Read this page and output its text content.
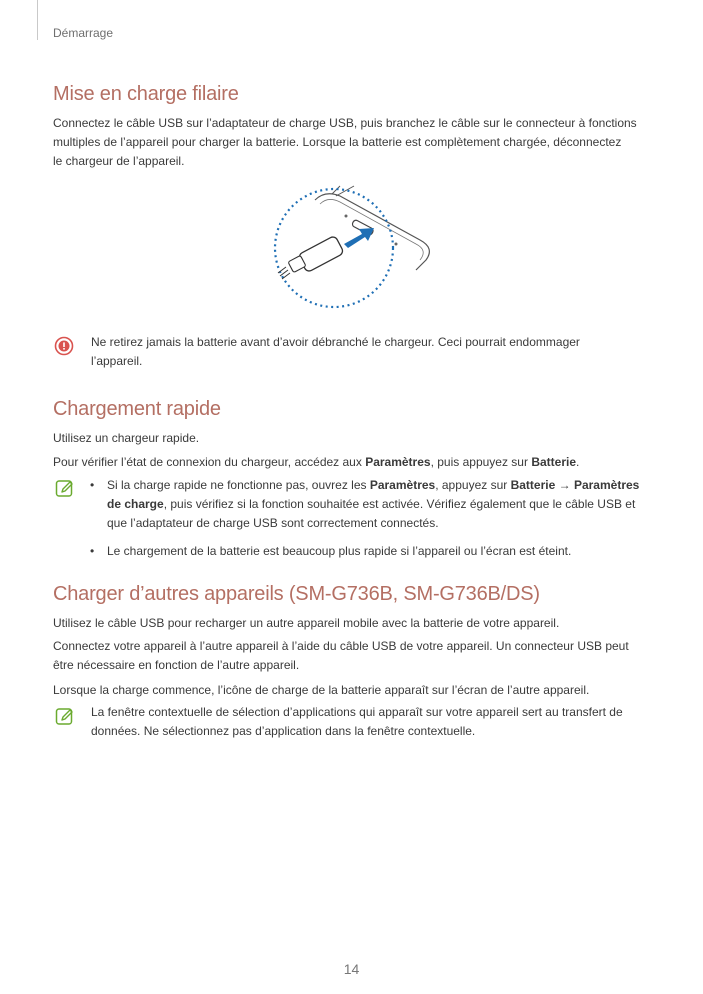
Démarrage
Mise en charge filaire

Connectez le câble USB sur l’adaptateur de charge USB, puis branchez le câble sur le connecteur à fonctions

multiples de l’appareil pour charger la batterie. Lorsque la batterie est complètement chargée, déconnectez

le chargeur de l’appareil.

Ne retirez jamais la batterie avant d’avoir débranché le chargeur. Ceci pourrait endommager

l’appareil.

Chargement rapide

Utilisez un chargeur rapide.

Pour vérifier l’état de connexion du chargeur, accédez aux Paramètres, puis appuyez sur Batterie.

• Si la charge rapide ne fonctionne pas, ouvrez les Paramètres, appuyez sur Batterie → Paramètres
de charge, puis vérifiez si la fonction souhaitée est activée. Vérifiez également que le câble USB et
que l’adaptateur de charge USB sont correctement connectés.

• Le chargement de la batterie est beaucoup plus rapide si l’appareil ou l’écran est éteint.

Charger d’autres appareils (SM-G736B, SM-G736B/DS)

Utilisez le câble USB pour recharger un autre appareil mobile avec la batterie de votre appareil.

Connectez votre appareil à l’autre appareil à l’aide du câble USB de votre appareil. Un connecteur USB peut

être nécessaire en fonction de l’autre appareil.

Lorsque la charge commence, l’icône de charge de la batterie apparaît sur l’écran de l’autre appareil.

La fenêtre contextuelle de sélection d’applications qui apparaît sur votre appareil sert au transfert de

données. Ne sélectionnez pas d’application dans la fenêtre contextuelle.

14
